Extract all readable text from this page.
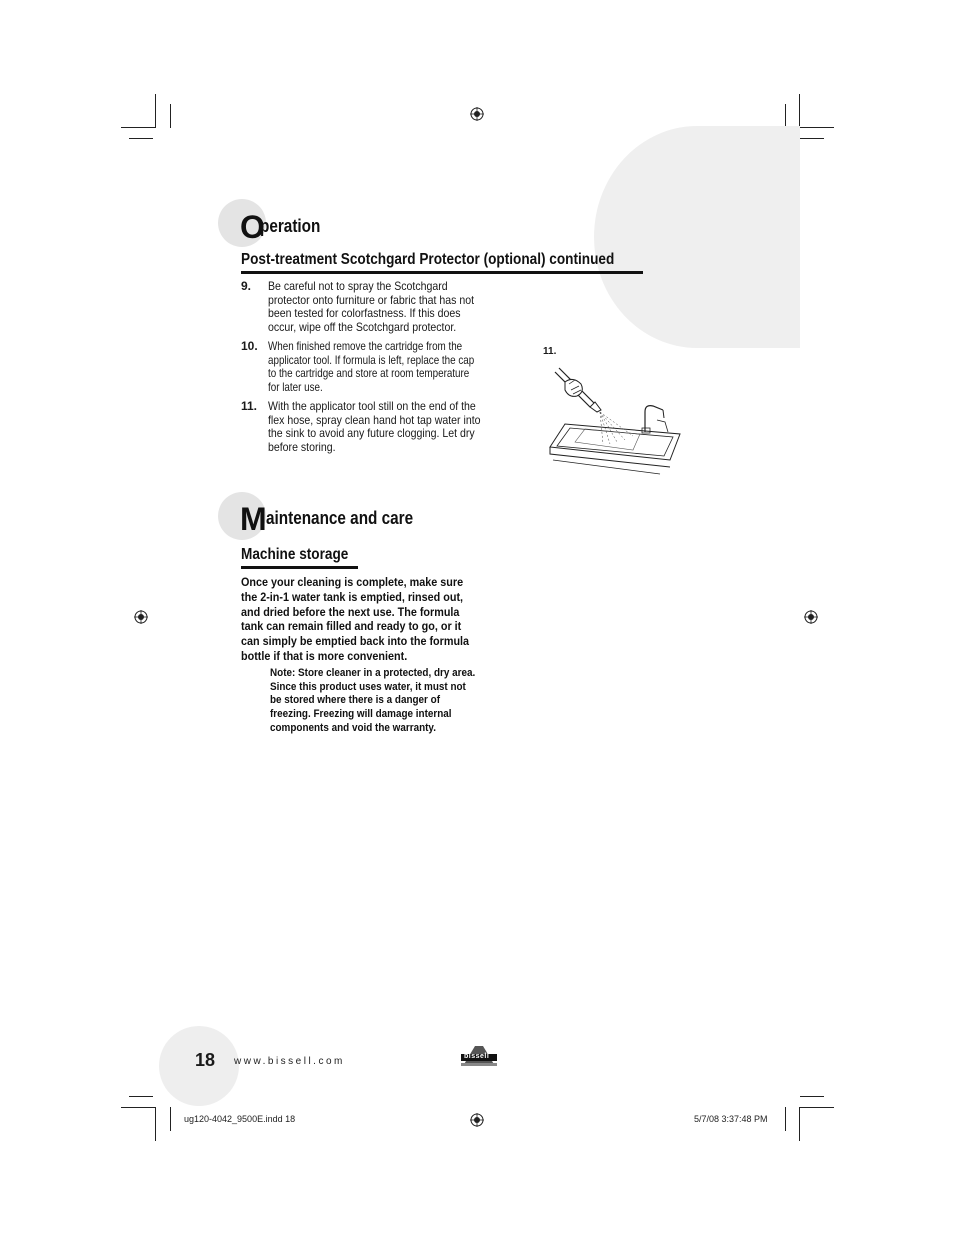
O
peration
Post-treatment Scotchgard Protector (optional) continued
9. Be careful not to spray the Scotchgard
protector onto furniture or fabric that has not
been tested for colorfastness. If this does
occur, wipe off the Scotchgard protector.
10. When finished remove the cartridge from the
applicator tool. If formula is left, replace the cap
to the cartridge and store at room temperature
for later use.
11. With the applicator tool still on the end of the
flex hose, spray clean hand hot tap water into
the sink to avoid any future clogging. Let dry
before storing.
11.
M aintenance and care
Machine storage
Once your cleaning is complete, make sure
the 2-in-1 water tank is emptied, rinsed out,
and dried before the next use. The formula
tank can remain filled and ready to go, or it
can simply be emptied back into the formula
bottle if that is more convenient.
Note: Store cleaner in a protected, dry area.
Since this product uses water, it must not
be stored where there is a danger of
freezing. Freezing will damage internal
components and void the warranty.
18 www.bissell.com	bissell
ug120-4042_9500E.indd 18	5/7/08 3:37:48 PM
